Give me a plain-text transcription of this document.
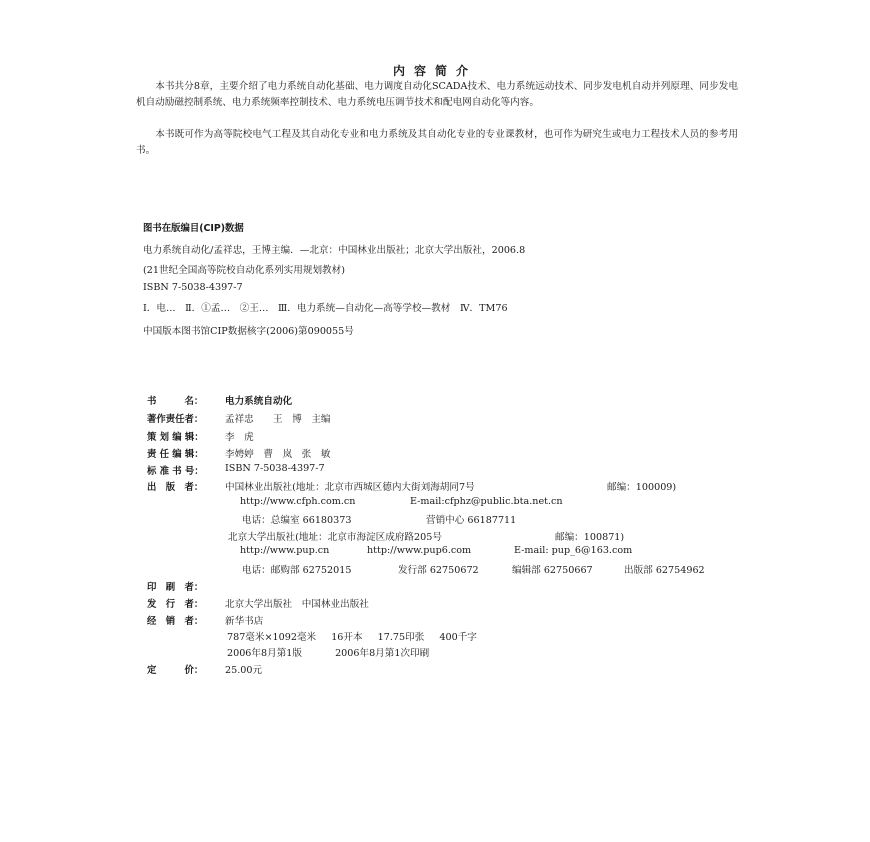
内容简介
本书共分8章，主要介绍了电力系统自动化基础、电力调度自动化SCADA技术、电力系统远动技术、同步发电机自动并列原理、同步发电机自动励磁控制系统、电力系统频率控制技术、电力系统电压调节技术和配电网自动化等内容。
本书既可作为高等院校电气工程及其自动化专业和电力系统及其自动化专业的专业课教材，也可作为研究生或电力工程技术人员的参考用书。
图书在版编目(CIP)数据
电力系统自动化/孟祥忠，王博主编．—北京：中国林业出版社；北京大学出版社，2006.8
(21世纪全国高等院校自动化系列实用规划教材)
ISBN 7-5038-4397-7
Ⅰ．电…　Ⅱ．①孟…　②王…　Ⅲ．电力系统—自动化—高等学校—教材　Ⅳ．TM76
中国版本图书馆CIP数据核字(2006)第090055号
书　　　名：	电力系统自动化
著作责任者：	孟祥忠　　王　博　主编
策 划 编 辑：	李　虎
责 任 编 辑：	李娉婷　曹　岚　张　敏
标 准 书 号：	ISBN 7-5038-4397-7
出　版　者：	中国林业出版社(地址：北京市西城区德内大街刘海胡同7号	邮编：100009)
http://www.cfph.com.cn	E-mail:cfphz@public.bta.net.cn
电话：总编室 66180373	营销中心 66187711
北京大学出版社(地址：北京市海淀区成府路205号	邮编：100871)
http://www.pup.cn	http://www.pup6.com	E-mail: pup_6@163.com
电话：邮购部 62752015	发行部 62750672	编辑部 62750667	出版部 62754962
印　刷　者：
发　行　者：	北京大学出版社　中国林业出版社
经　销　者：	新华书店
787毫米×1092毫米 16开本 17.75印张 400千字
2006年8月第1版	2006年8月第1次印刷
定　　　价：	25.00元
